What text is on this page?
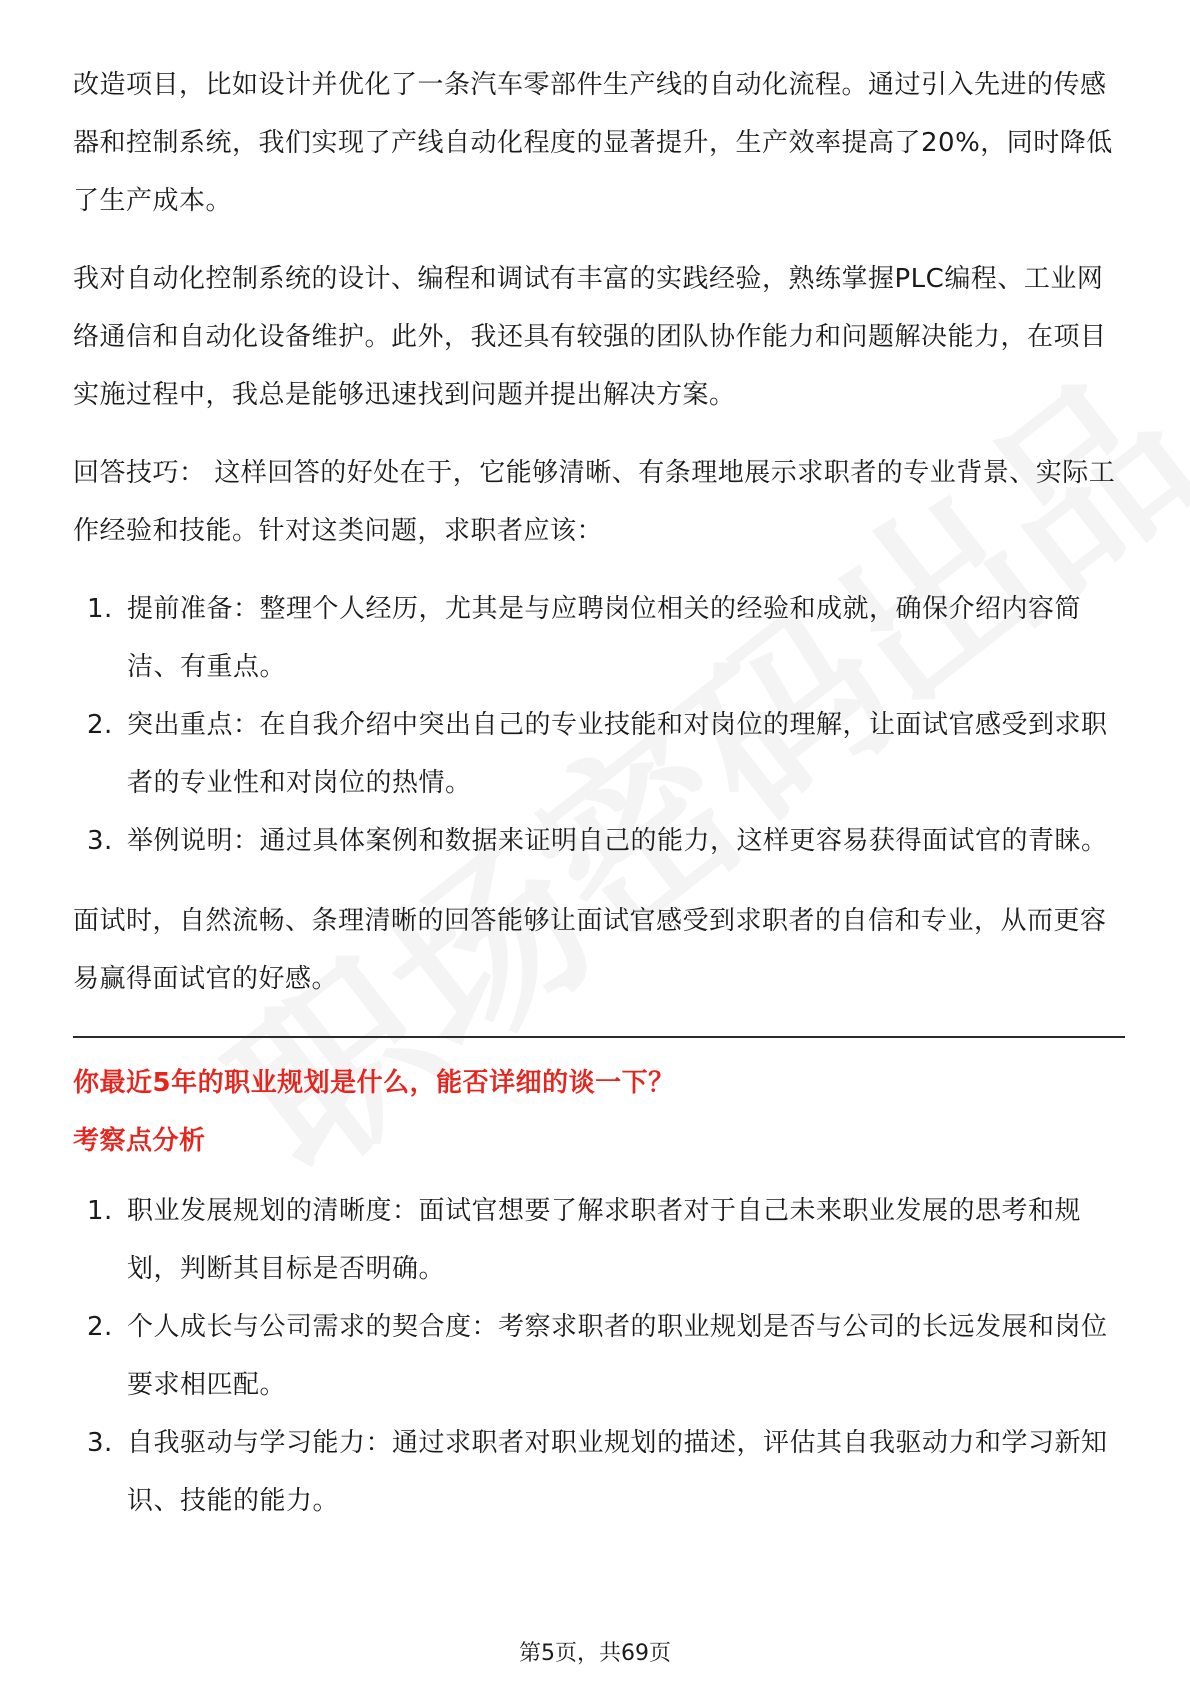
改造项目，比如设计并优化了一条汽车零部件生产线的自动化流程。通过引入先进的传感器和控制系统，我们实现了产线自动化程度的显著提升，生产效率提高了20%，同时降低了生产成本。

我对自动化控制系统的设计、编程和调试有丰富的实践经验，熟练掌握PLC编程、工业网络通信和自动化设备维护。此外，我还具有较强的团队协作能力和问题解决能力，在项目实施过程中，我总是能够迅速找到问题并提出解决方案。

回答技巧： 这样回答的好处在于，它能够清晰、有条理地展示求职者的专业背景、实际工作经验和技能。针对这类问题，求职者应该：

1. 提前准备：整理个人经历，尤其是与应聘岗位相关的经验和成就，确保介绍内容简洁、有重点。
2. 突出重点：在自我介绍中突出自己的专业技能和对岗位的理解，让面试官感受到求职者的专业性和对岗位的热情。
3. 举例说明：通过具体案例和数据来证明自己的能力，这样更容易获得面试官的青睐。

面试时，自然流畅、条理清晰的回答能够让面试官感受到求职者的自信和专业，从而更容易赢得面试官的好感。

你最近5年的职业规划是什么，能否详细的谈一下？

考察点分析

1. 职业发展规划的清晰度：面试官想要了解求职者对于自己未来职业发展的思考和规划，判断其目标是否明确。
2. 个人成长与公司需求的契合度：考察求职者的职业规划是否与公司的长远发展和岗位要求相匹配。
3. 自我驱动与学习能力：通过求职者对职业规划的描述，评估其自我驱动力和学习新知识、技能的能力。
第5页，共69页
